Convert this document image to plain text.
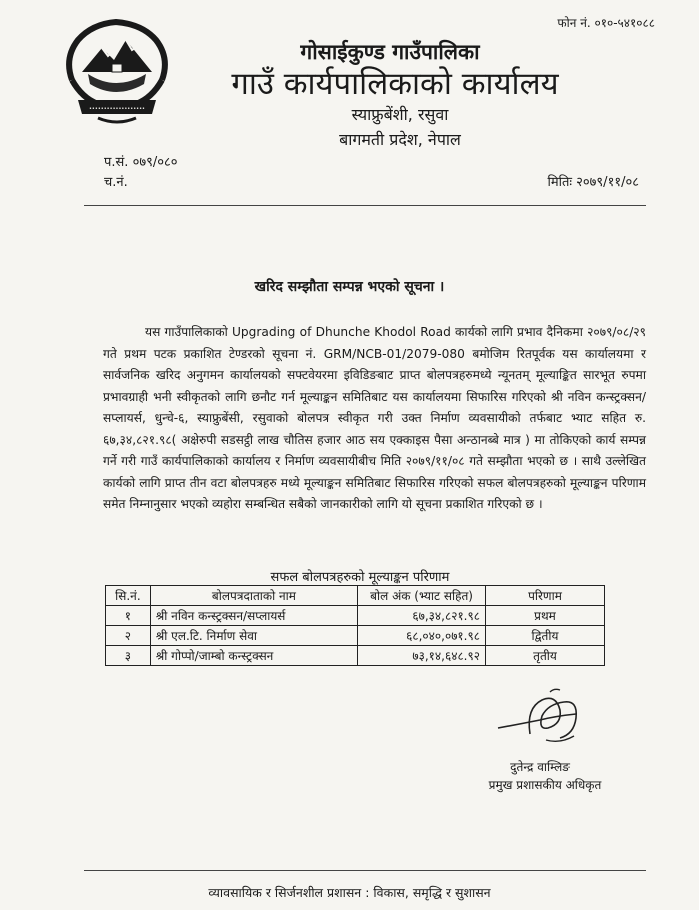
फोन नं. ०१०-५४१०८८
•••••••••••••••••••
गोसाईकुण्ड गाउँपालिका
गाउँ कार्यपालिकाको कार्यालय
स्याफ्रुबेंशी, रसुवा
बागमती प्रदेश, नेपाल
प.सं. ०७९/०८०
च.नं.	मितिः २०७९/११/०८
खरिद सम्झौता सम्पन्न भएको सूचना ।
यस गाउँपालिकाको Upgrading of Dhunche Khodol Road कार्यको लागि प्रभाव दैनिकमा २०७९/०८/२९ गते प्रथम पटक प्रकाशित टेण्डरको सूचना नं. GRM/NCB-01/2079-080 बमोजिम रितपूर्वक यस कार्यालयमा र सार्वजनिक खरिद अनुगमन कार्यालयको सफ्टवेयरमा इविडिङबाट प्राप्त बोलपत्रहरुमध्ये न्यूनतम् मूल्याङ्कित सारभूत रुपमा प्रभावग्राही भनी स्वीकृतको लागि छनौट गर्न मूल्याङ्कन समितिबाट यस कार्यालयमा सिफारिस गरिएको श्री नविन कन्स्ट्रक्सन/सप्लायर्स, धुन्चे-६, स्याफ्रुबेंसी, रसुवाको बोलपत्र स्वीकृत गरी उक्त निर्माण व्यवसायीको तर्फबाट भ्याट सहित रु. ६७,३४,८२१.९८( अक्षेरुपी सडसट्ठी लाख चौतिस हजार आठ सय एक्काइस पैसा अन्ठानब्बे मात्र ) मा तोकिएको कार्य सम्पन्न गर्ने गरी गाउँ कार्यपालिकाको कार्यालय र निर्माण व्यवसायीबीच मिति २०७९/११/०८ गते सम्झौता भएको छ । साथै उल्लेखित कार्यको लागि प्राप्त तीन वटा बोलपत्रहरु मध्ये मूल्याङ्कन समितिबाट सिफारिस गरिएको सफल बोलपत्रहरुको मूल्याङ्कन परिणाम समेत निम्नानुसार भएको व्यहोरा सम्बन्धित सबैको जानकारीको लागि यो सूचना प्रकाशित गरिएको छ ।
सफल बोलपत्रहरुको मूल्याङ्कन परिणाम
सि.नं.	बोलपत्रदाताको नाम	बोल अंक (भ्याट सहित)	परिणाम
१	श्री नविन कन्स्ट्रक्सन/सप्लायर्स	६७,३४,८२१.९८	प्रथम
२	श्री एल.टि. निर्माण सेवा	६८,०४०,०७१.९८	द्वितीय
३	श्री गोप्पो/जाम्बो कन्स्ट्रक्सन	७३,१४,६४८.९२	तृतीय
दुतेन्द्र वाम्लिङ
प्रमुख प्रशासकीय अधिकृत
व्यावसायिक र सिर्जनशील प्रशासन : विकास, समृद्धि र सुशासन
